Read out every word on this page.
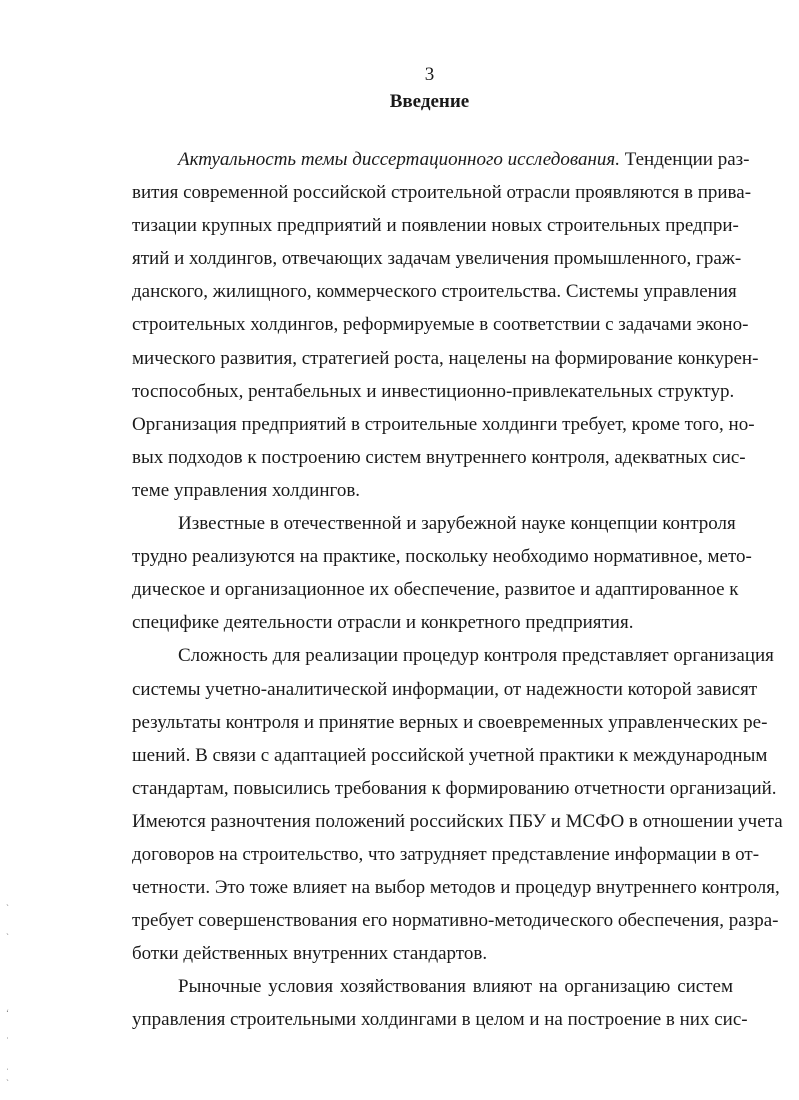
3
Введение

Актуальность темы диссертационного исследования. Тенденции раз-
вития современной российской строительной отрасли проявляются в прива-
тизации крупных предприятий и появлении новых строительных предпри-
ятий и холдингов, отвечающих задачам увеличения промышленного, граж-
данского, жилищного, коммерческого строительства. Системы управления
строительных холдингов, реформируемые в соответствии с задачами эконо-
мического развития, стратегией роста, нацелены на формирование конкурен-
тоспособных, рентабельных и инвестиционно-привлекательных структур.
Организация предприятий в строительные холдинги требует, кроме того, но-
вых подходов к построению систем внутреннего контроля, адекватных сис-
теме управления холдингов.

Известные в отечественной и зарубежной науке концепции контроля
трудно реализуются на практике, поскольку необходимо нормативное, мето-
дическое и организационное их обеспечение, развитое и адаптированное к
специфике деятельности отрасли и конкретного предприятия.

Сложность для реализации процедур контроля представляет организация
системы учетно-аналитической информации, от надежности которой зависят
результаты контроля и принятие верных и своевременных управленческих ре-
шений. В связи с адаптацией российской учетной практики к международным
стандартам, повысились требования к формированию отчетности организаций.
Имеются разночтения положений российских ПБУ и МСФО в отношении учета
договоров на строительство, что затрудняет представление информации в от-
четности. Это тоже влияет на выбор методов и процедур внутреннего контроля,
требует совершенствования его нормативно-методического обеспечения, разра-
ботки действенных внутренних стандартов.

Рыночные условия хозяйствования влияют на организацию систем
управления строительными холдингами в целом и на построение в них сис-

ˎ
ˏ
ʻ
ʾ
ˌ
ˋ
